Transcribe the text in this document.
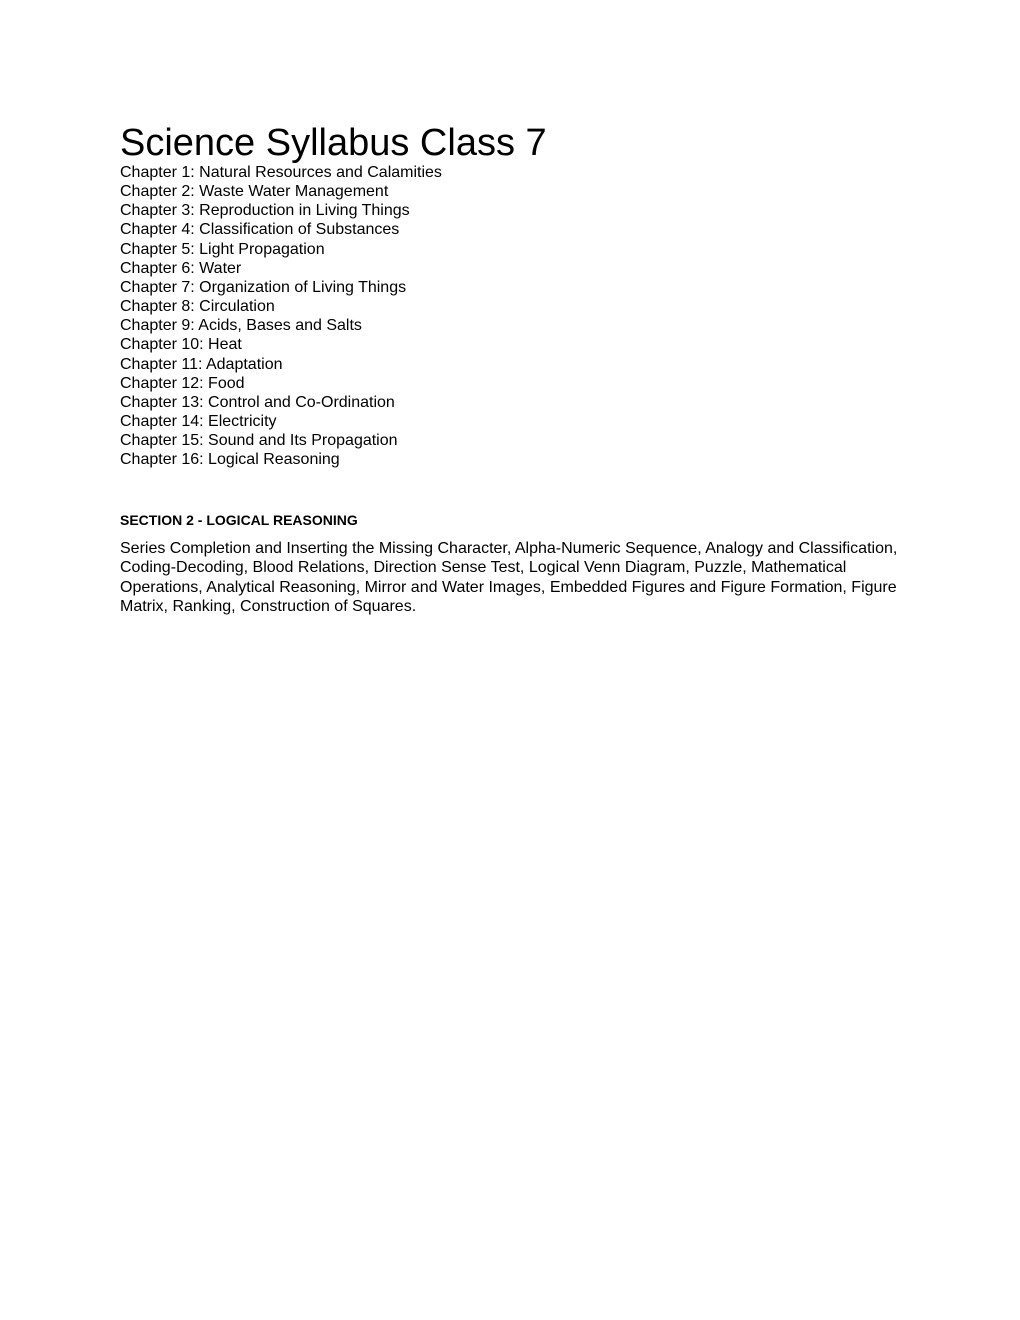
Science Syllabus Class 7
Chapter 1: Natural Resources and Calamities
Chapter 2: Waste Water Management
Chapter 3: Reproduction in Living Things
Chapter 4: Classification of Substances
Chapter 5: Light Propagation
Chapter 6: Water
Chapter 7: Organization of Living Things
Chapter 8: Circulation
Chapter 9: Acids, Bases and Salts
Chapter 10: Heat
Chapter 11: Adaptation
Chapter 12: Food
Chapter 13: Control and Co-Ordination
Chapter 14: Electricity
Chapter 15: Sound and Its Propagation
Chapter 16: Logical Reasoning
SECTION 2 - LOGICAL REASONING

Series Completion and Inserting the Missing Character, Alpha-Numeric Sequence, Analogy and Classification, Coding-Decoding, Blood Relations, Direction Sense Test, Logical Venn Diagram, Puzzle, Mathematical Operations, Analytical Reasoning, Mirror and Water Images, Embedded Figures and Figure Formation, Figure Matrix, Ranking, Construction of Squares.
